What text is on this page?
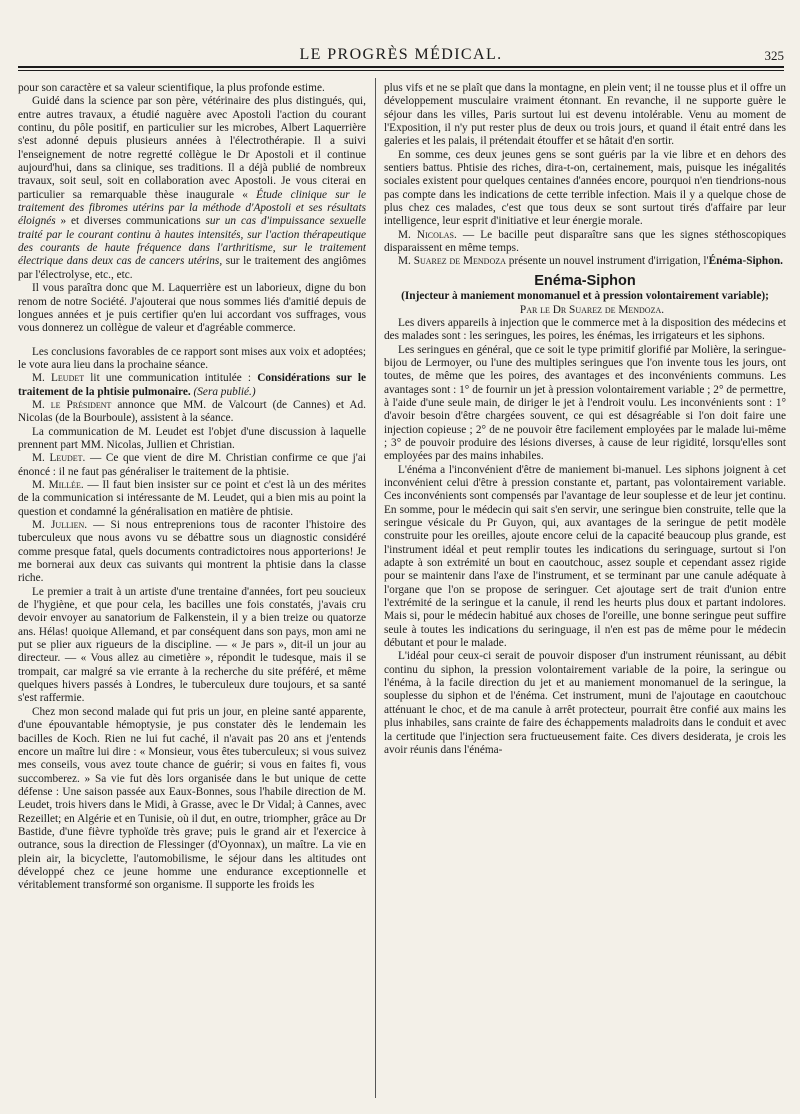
LE PROGRÈS MÉDICAL.	325

pour son caractère et sa valeur scientifique, la plus profonde estime.

Guidé dans la science par son père, vétérinaire des plus distingués, qui, entre autres travaux, a étudié naguère avec Apostoli l'action du courant continu, du pôle positif, en particulier sur les microbes, Albert Laquerrière s'est adonné depuis plusieurs années à l'électrothérapie. Il a suivi l'enseignement de notre regretté collègue le Dr Apostoli et il continue aujourd'hui, dans sa clinique, ses traditions. Il a déjà publié de nombreux travaux, soit seul, soit en collaboration avec Apostoli. Je vous citerai en particulier sa remarquable thèse inaugurale « Étude clinique sur le traitement des fibromes utérins par la méthode d'Apostoli et ses résultats éloignés » et diverses communications sur un cas d'impuissance sexuelle traité par le courant continu à hautes intensités, sur l'action thérapeutique des courants de haute fréquence dans l'arthritisme, sur le traitement électrique dans deux cas de cancers utérins, sur le traitement des angiômes par l'électrolyse, etc., etc.

Il vous paraîtra donc que M. Laquerrière est un laborieux, digne du bon renom de notre Société. J'ajouterai que nous sommes liés d'amitié depuis de longues années et je puis certifier qu'en lui accordant vos suffrages, vous vous donnerez un collègue de valeur et d'agréable commerce.

Les conclusions favorables de ce rapport sont mises aux voix et adoptées; le vote aura lieu dans la prochaine séance.

M. Leudet lit une communication intitulée : Considérations sur le traitement de la phtisie pulmonaire. (Sera publié.)

M. le Président annonce que MM. de Valcourt (de Cannes) et Ad. Nicolas (de la Bourboule), assistent à la séance.

La communication de M. Leudet est l'objet d'une discussion à laquelle prennent part MM. Nicolas, Jullien et Christian.

M. Leudet. — Ce que vient de dire M. Christian confirme ce que j'ai énoncé : il ne faut pas généraliser le traitement de la phtisie.

M. Millée. — Il faut bien insister sur ce point et c'est là un des mérites de la communication si intéressante de M. Leudet, qui a bien mis au point la question et condamné la généralisation en matière de phtisie.

M. Jullien. — Si nous entreprenions tous de raconter l'histoire des tuberculeux que nous avons vu se débattre sous un diagnostic considéré comme presque fatal, quels documents contradictoires nous apporterions! Je me bornerai aux deux cas suivants qui montrent la phtisie dans la classe riche.

Le premier a trait à un artiste d'une trentaine d'années, fort peu soucieux de l'hygiène, et que pour cela, les bacilles une fois constatés, j'avais cru devoir envoyer au sanatorium de Falkenstein, il y a bien treize ou quatorze ans. Hélas! quoique Allemand, et par conséquent dans son pays, mon ami ne put se plier aux rigueurs de la discipline. — « Je pars », dit-il un jour au directeur. — « Vous allez au cimetière », répondit le tudesque, mais il se trompait, car malgré sa vie errante à la recherche du site préféré, et même quelques hivers passés à Londres, le tuberculeux dure toujours, et sa santé s'est raffermie.

Chez mon second malade qui fut pris un jour, en pleine santé apparente, d'une épouvantable hémoptysie, je pus constater dès le lendemain les bacilles de Koch. Rien ne lui fut caché, il n'avait pas 20 ans et j'entends encore un maître lui dire : « Monsieur, vous êtes tuberculeux; si vous suivez mes conseils, vous avez toute chance de guérir; si vous en faites fi, vous succomberez. » Sa vie fut dès lors organisée dans le but unique de cette défense : Une saison passée aux Eaux-Bonnes, sous l'habile direction de M. Leudet, trois hivers dans le Midi, à Grasse, avec le Dr Vidal; à Cannes, avec Rezeillet; en Algérie et en Tunisie, où il dut, en outre, triompher, grâce au Dr Bastide, d'une fièvre typhoïde très grave; puis le grand air et l'exercice à outrance, sous la direction de Flessinger (d'Oyonnax), un maître. La vie en plein air, la bicyclette, l'automobilisme, le séjour dans les altitudes ont développé chez ce jeune homme une endurance exceptionnelle et véritablement transformé son organisme. Il supporte les froids les

plus vifs et ne se plaît que dans la montagne, en plein vent; il ne tousse plus et il offre un développement musculaire vraiment étonnant. En revanche, il ne supporte guère le séjour dans les villes, Paris surtout lui est devenu intolérable. Venu au moment de l'Exposition, il n'y put rester plus de deux ou trois jours, et quand il était entré dans les galeries et les palais, il prétendait étouffer et se hâtait d'en sortir.

En somme, ces deux jeunes gens se sont guéris par la vie libre et en dehors des sentiers battus. Phtisie des riches, dira-t-on, certainement, mais, puisque les inégalités sociales existent pour quelques centaines d'années encore, pourquoi n'en tiendrions-nous pas compte dans les indications de cette terrible infection. Mais il y a quelque chose de plus chez ces malades, c'est que tous deux se sont surtout tirés d'affaire par leur intelligence, leur esprit d'initiative et leur énergie morale.

M. Nicolas. — Le bacille peut disparaître sans que les signes stéthoscopiques disparaissent en même temps.

M. Suarez de Mendoza présente un nouvel instrument d'irrigation, l'Énéma-Siphon.

Enéma-Siphon
(Injecteur à maniement monomanuel et à pression volontairement variable);

Par le Dr Suarez de Mendoza.

Les divers appareils à injection que le commerce met à la disposition des médecins et des malades sont : les seringues, les poires, les énémas, les irrigateurs et les siphons.

Les seringues en général, que ce soit le type primitif glorifié par Molière, la seringue-bijou de Lermoyer, ou l'une des multiples seringues que l'on invente tous les jours, ont toutes, de même que les poires, des avantages et des inconvénients communs. Les avantages sont : 1° de fournir un jet à pression volontairement variable ; 2° de permettre, à l'aide d'une seule main, de diriger le jet à l'endroit voulu. Les inconvénients sont : 1° d'avoir besoin d'être chargées souvent, ce qui est désagréable si l'on doit faire une injection copieuse ; 2° de ne pouvoir être facilement employées par le malade lui-même ; 3° de pouvoir produire des lésions diverses, à cause de leur rigidité, lorsqu'elles sont employées par des mains inhabiles.

L'énéma a l'inconvénient d'être de maniement bi-manuel. Les siphons joignent à cet inconvénient celui d'être à pression constante et, partant, pas volontairement variable. Ces inconvénients sont compensés par l'avantage de leur souplesse et de leur jet continu. En somme, pour le médecin qui sait s'en servir, une seringue bien construite, telle que la seringue vésicale du Pr Guyon, qui, aux avantages de la seringue de petit modèle construite pour les oreilles, ajoute encore celui de la capacité beaucoup plus grande, est l'instrument idéal et peut remplir toutes les indications du seringuage, surtout si l'on adapte à son extrémité un bout en caoutchouc, assez souple et cependant assez rigide pour se maintenir dans l'axe de l'instrument, et se terminant par une canule adéquate à l'organe que l'on se propose de seringuer. Cet ajoutage sert de trait d'union entre l'extrémité de la seringue et la canule, il rend les heurts plus doux et partant indolores. Mais si, pour le médecin habitué aux choses de l'oreille, une bonne seringue peut suffire seule à toutes les indications du seringuage, il n'en est pas de même pour le médecin débutant et pour le malade.

L'idéal pour ceux-ci serait de pouvoir disposer d'un instrument réunissant, au débit continu du siphon, la pression volontairement variable de la poire, la seringue ou l'énéma, à la facile direction du jet et au maniement monomanuel de la seringue, la souplesse du siphon et de l'énéma. Cet instrument, muni de l'ajoutage en caoutchouc atténuant le choc, et de ma canule à arrêt protecteur, pourrait être confié aux mains les plus inhabiles, sans crainte de faire des échappements maladroits dans le conduit et avec la certitude que l'injection sera fructueusement faite. Ces divers desiderata, je crois les avoir réunis dans l'énéma-
